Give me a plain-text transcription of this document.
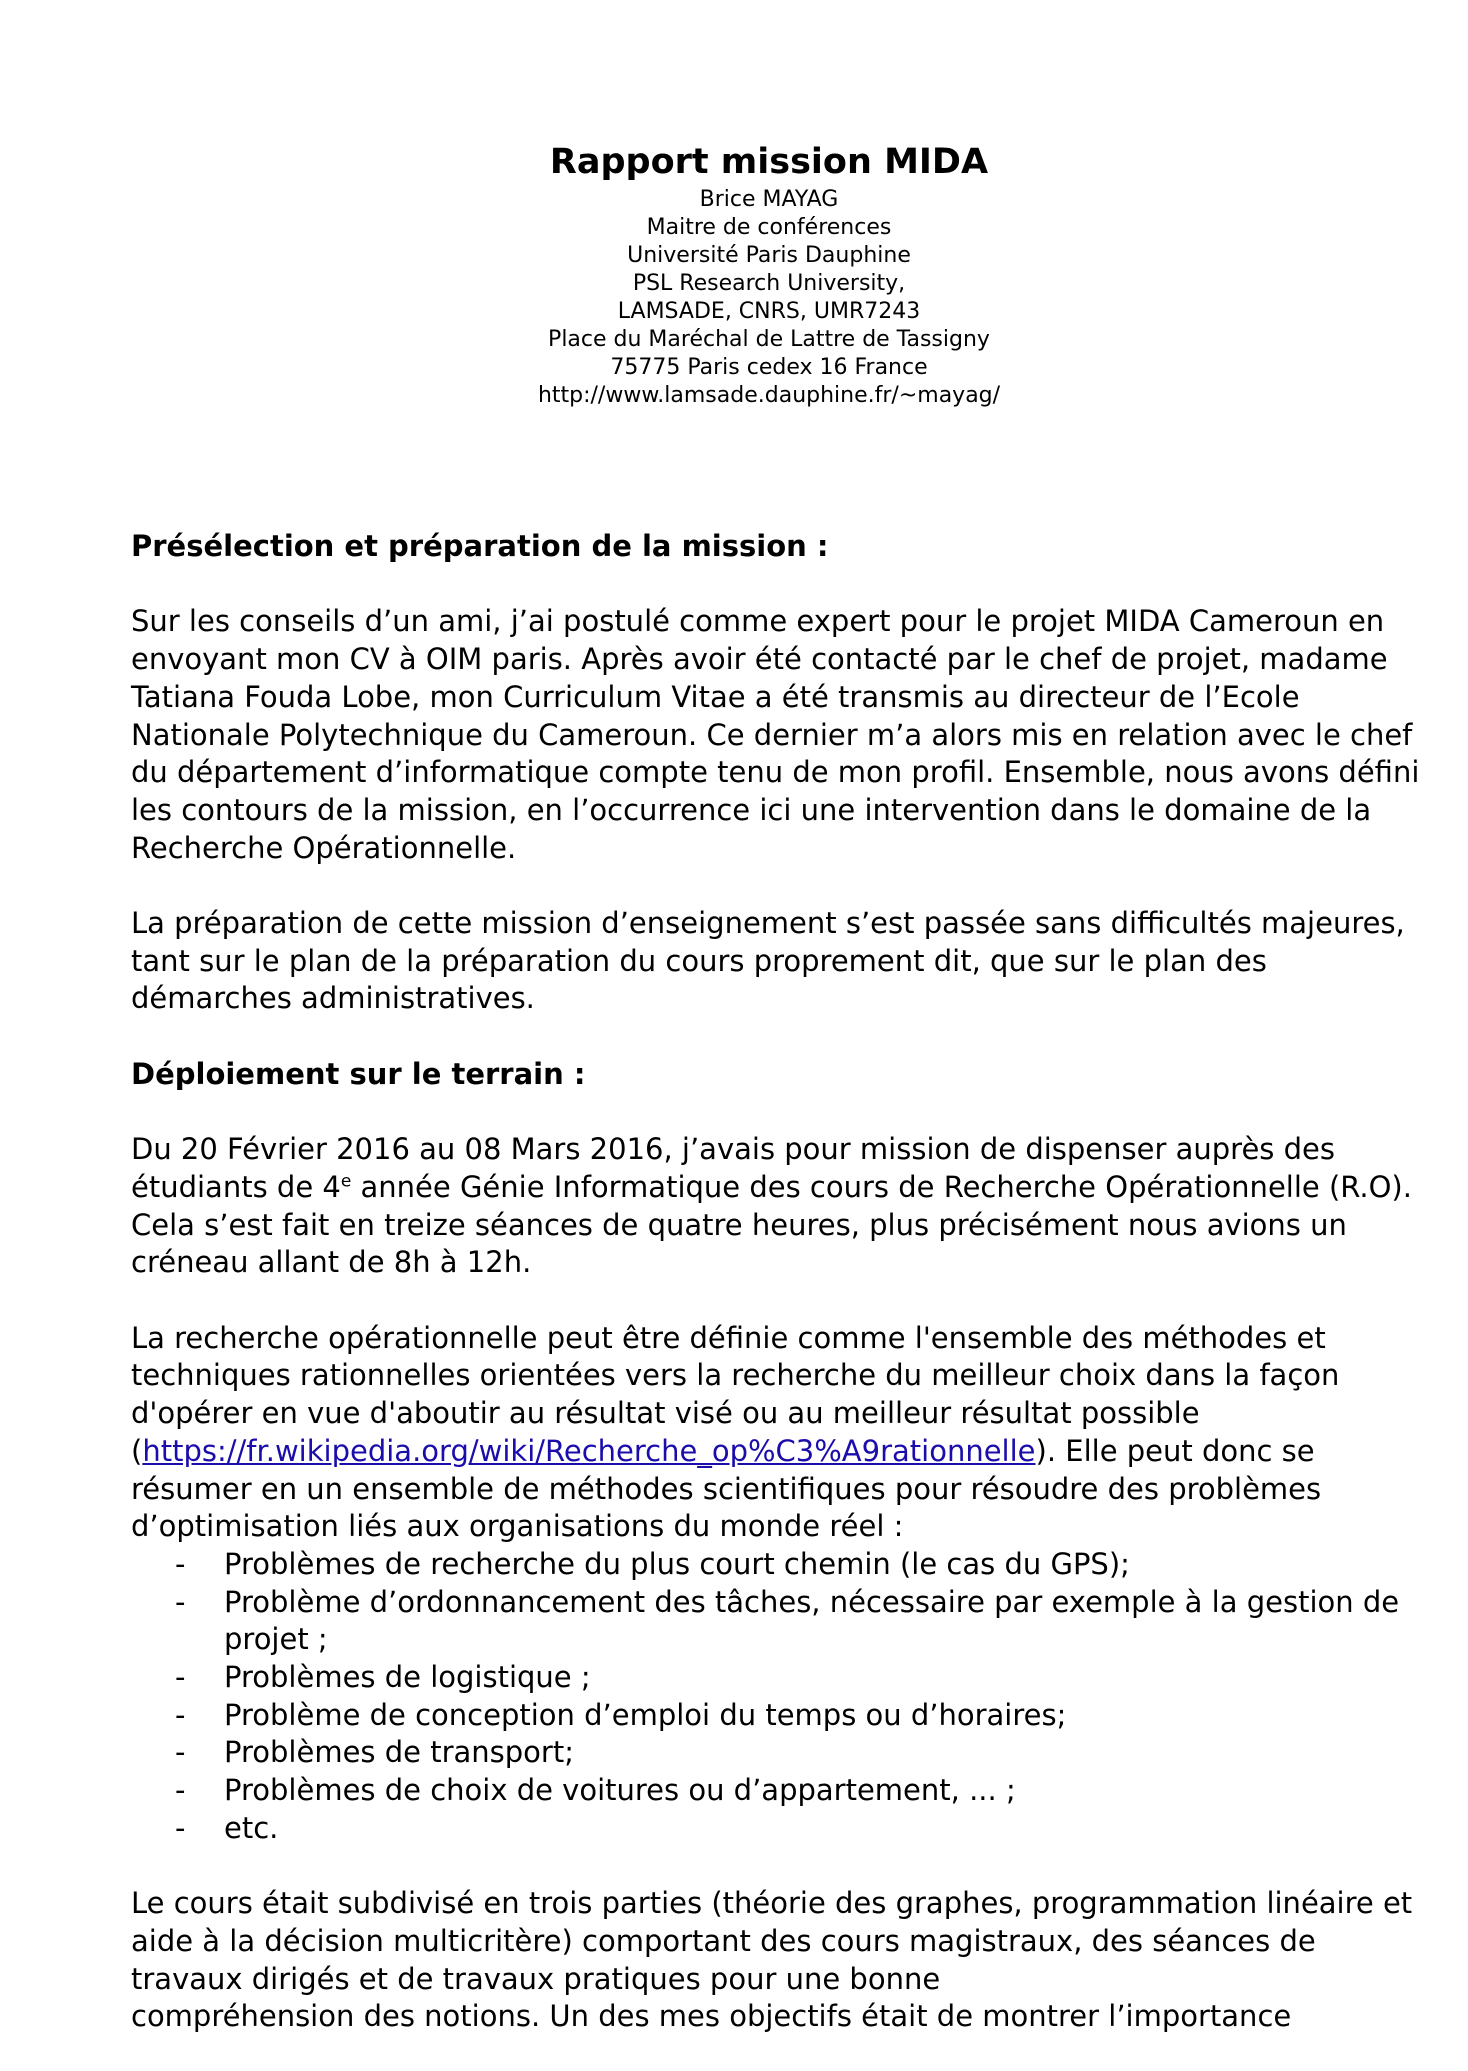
Rapport mission MIDA
Brice MAYAG
Maitre de conférences
Université Paris Dauphine
PSL Research University,
LAMSADE, CNRS, UMR7243
Place du Maréchal de Lattre de Tassigny
75775 Paris cedex 16 France
http://www.lamsade.dauphine.fr/~mayag/
Présélection et préparation de la mission :

Sur les conseils d’un ami, j’ai postulé comme expert pour le projet MIDA Cameroun en envoyant mon CV à OIM paris. Après avoir été contacté par le chef de projet, madame Tatiana Fouda Lobe, mon Curriculum Vitae a été transmis au directeur de l’Ecole Nationale Polytechnique du Cameroun. Ce dernier m’a alors mis en relation avec le chef du département d’informatique compte tenu de mon profil. Ensemble, nous avons défini les contours de la mission, en l’occurrence ici une intervention dans le domaine de la Recherche Opérationnelle.

La préparation de cette mission d’enseignement s’est passée sans difficultés majeures, tant sur le plan de la préparation du cours proprement dit, que sur le plan des démarches administratives.

Déploiement sur le terrain :

Du 20 Février 2016 au 08 Mars 2016, j’avais pour mission de dispenser auprès des étudiants de 4e année Génie Informatique des cours de Recherche Opérationnelle (R.O). Cela s’est fait en treize séances de quatre heures, plus précisément nous avions un créneau allant de 8h à 12h.

La recherche opérationnelle peut être définie comme l'ensemble des méthodes et techniques rationnelles orientées vers la recherche du meilleur choix dans la façon d'opérer en vue d'aboutir au résultat visé ou au meilleur résultat possible (https://fr.wikipedia.org/wiki/Recherche_op%C3%A9rationnelle). Elle peut donc se résumer en un ensemble de méthodes scientifiques pour résoudre des problèmes d’optimisation liés aux organisations du monde réel :

- Problèmes de recherche du plus court chemin (le cas du GPS);
- Problème d’ordonnancement des tâches, nécessaire par exemple à la gestion de projet ;
- Problèmes de logistique ;
- Problème de conception d’emploi du temps ou d’horaires;
- Problèmes de transport;
- Problèmes de choix de voitures ou d’appartement, ... ;
- etc.

Le cours était subdivisé en trois parties (théorie des graphes, programmation linéaire et aide à la décision multicritère) comportant des cours magistraux, des séances de travaux dirigés et de travaux pratiques pour une bonne

compréhension des notions. Un des mes objectifs était de montrer l’importance
